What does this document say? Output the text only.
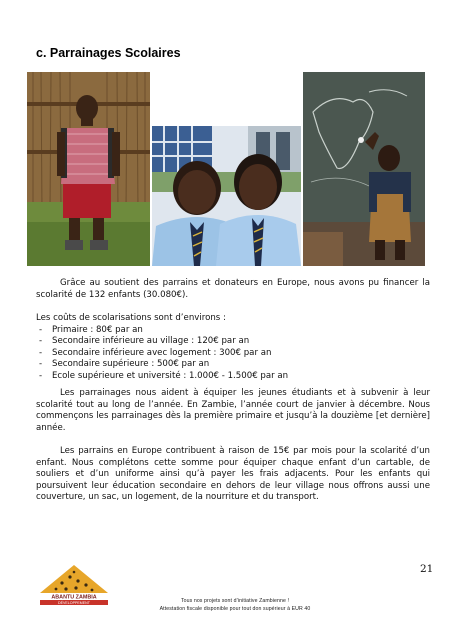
c. Parrainages Scolaires

Grâce au soutient des parrains et donateurs en Europe, nous avons pu financer la scolarité de 132 enfants (30.080€).

Les coûts de scolarisations sont d’environs :
- Primaire : 80€ par an
- Secondaire inférieure au village : 120€ par an
- Secondaire inférieure avec logement : 300€ par an
- Secondaire supérieure : 500€ par an
- Ecole supérieure et université : 1.000€ - 1.500€ par an

Les parrainages nous aident à équiper les jeunes étudiants et à subvenir à leur scolarité tout au long de l’année. En Zambie, l’année court de janvier à décembre. Nous commençons les parrainages dès la première primaire et jusqu’à la douzième [et dernière] année.

Les parrains en Europe contribuent à raison de 15€ par mois pour la scolarité d’un enfant. Nous complétons cette somme pour équiper chaque enfant d’un cartable, de souliers et d’un uniforme ainsi qu’à payer les frais adjacents. Pour les enfants qui poursuivent leur éducation secondaire en dehors de leur village nous offrons aussi une couverture, un sac, un logement, de la nourriture et du transport.

ABANTU ZAMBIA
DÉVELOPPEMENT
21
Tous nos projets sont d’initiative Zambienne !
Attestation fiscale disponible pour tout don supérieur à EUR 40
